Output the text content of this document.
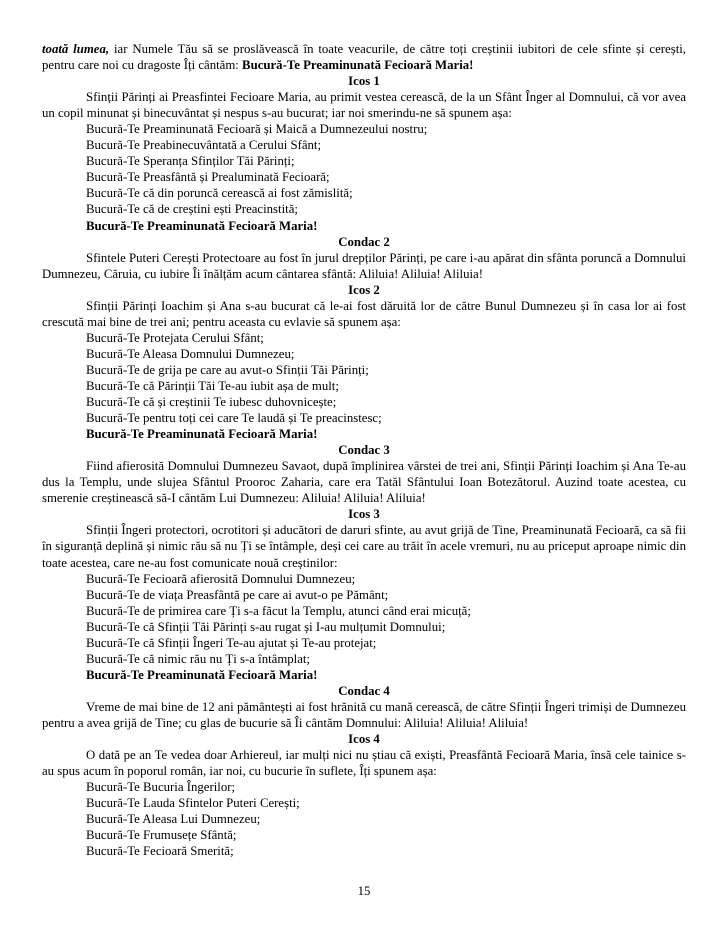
toată lumea, iar Numele Tău să se proslăvească în toate veacurile, de către toți creștinii iubitori de cele sfinte și cerești, pentru care noi cu dragoste Îți cântăm: Bucură-Te Preaminunată Fecioară Maria!

Icos 1

Sfinții Părinți ai Preasfintei Fecioare Maria, au primit vestea cerească, de la un Sfânt Înger al Domnului, că vor avea un copil minunat și binecuvântat și nespus s-au bucurat; iar noi smerindu-ne să spunem așa:

Bucură-Te Preaminunată Fecioară și Maică a Dumnezeului nostru;

Bucură-Te Preabinecuvântată a Cerului Sfânt;

Bucură-Te Speranța Sfinților Tăi Părinți;

Bucură-Te Preasfântă și Prealuminată Fecioară;

Bucură-Te că din poruncă cerească ai fost zămislită;

Bucură-Te că de creștini ești Preacinstită;

Bucură-Te Preaminunată Fecioară Maria!

Condac 2

Sfintele Puteri Cerești Protectoare au fost în jurul drepților Părinți, pe care i-au apărat din sfânta poruncă a Domnului Dumnezeu, Căruia, cu iubire Îi înălțăm acum cântarea sfântă: Aliluia! Aliluia! Aliluia!

Icos 2

Sfinții Părinți Ioachim și Ana s-au bucurat că le-ai fost dăruită lor de către Bunul Dumnezeu și în casa lor ai fost crescută mai bine de trei ani; pentru aceasta cu evlavie să spunem așa:

Bucură-Te Protejata Cerului Sfânt;

Bucură-Te Aleasa Domnului Dumnezeu;

Bucură-Te de grija pe care au avut-o Sfinții Tăi Părinți;

Bucură-Te că Părinții Tăi Te-au iubit așa de mult;

Bucură-Te că și creștinii Te iubesc duhovnicește;

Bucură-Te pentru toți cei care Te laudă și Te preacinstesc;

Bucură-Te Preaminunată Fecioară Maria!

Condac 3

Fiind afierosită Domnului Dumnezeu Savaot, după împlinirea vârstei de trei ani, Sfinții Părinți Ioachim și Ana Te-au dus la Templu, unde slujea Sfântul Prooroc Zaharia, care era Tatăl Sfântului Ioan Botezătorul. Auzind toate acestea, cu smerenie creștinească să-I cântăm Lui Dumnezeu: Aliluia! Aliluia! Aliluia!

Icos 3

Sfinții Îngeri protectori, ocrotitori și aducători de daruri sfinte, au avut grijă de Tine, Preaminunată Fecioară, ca să fii în siguranță deplină și nimic rău să nu Ți se întâmple, deși cei care au trăit în acele vremuri, nu au priceput aproape nimic din toate acestea, care ne-au fost comunicate nouă creștinilor:

Bucură-Te Fecioară afierosită Domnului Dumnezeu;

Bucură-Te de viața Preasfântă pe care ai avut-o pe Pământ;

Bucură-Te de primirea care Ți s-a făcut la Templu, atunci când erai micuță;

Bucură-Te că Sfinții Tăi Părinți s-au rugat și I-au mulțumit Domnului;

Bucură-Te că Sfinții Îngeri Te-au ajutat și Te-au protejat;

Bucură-Te că nimic rău nu Ți s-a întâmplat;

Bucură-Te Preaminunată Fecioară Maria!

Condac 4

Vreme de mai bine de 12 ani pământești ai fost hrănită cu mană cerească, de către Sfinții Îngeri trimiși de Dumnezeu pentru a avea grijă de Tine; cu glas de bucurie să Îi cântăm Domnului: Aliluia! Aliluia! Aliluia!

Icos 4

O dată pe an Te vedea doar Arhiereul, iar mulți nici nu știau că exiști, Preasfântă Fecioară Maria, însă cele tainice s-au spus acum în poporul român, iar noi, cu bucurie în suflete, Îți spunem așa:

Bucură-Te Bucuria Îngerilor;

Bucură-Te Lauda Sfintelor Puteri Cerești;

Bucură-Te Aleasa Lui Dumnezeu;

Bucură-Te Frumusețe Sfântă;

Bucură-Te Fecioară Smerită;

15
